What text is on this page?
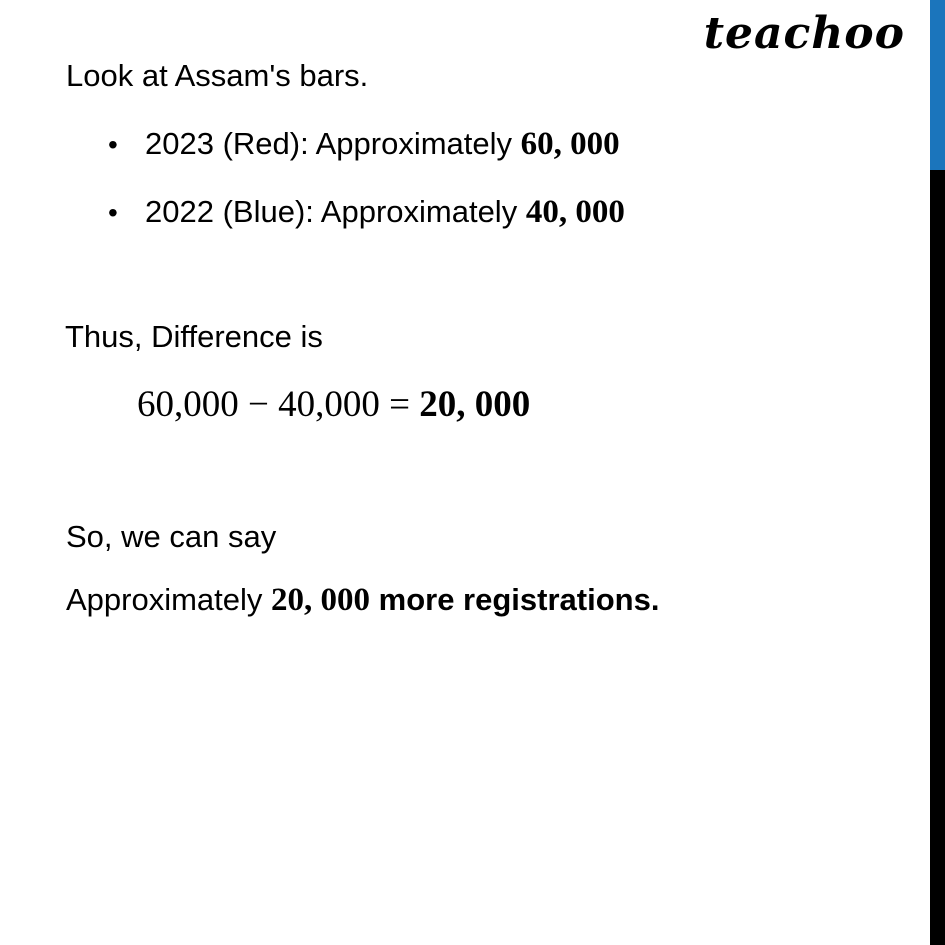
teachoo
Look at Assam's bars.
• 2023 (Red): Approximately 60, 000
• 2022 (Blue): Approximately 40, 000
Thus, Difference is
60,000 − 40,000 = 20, 000
So, we can say
Approximately 20, 000 more registrations.
